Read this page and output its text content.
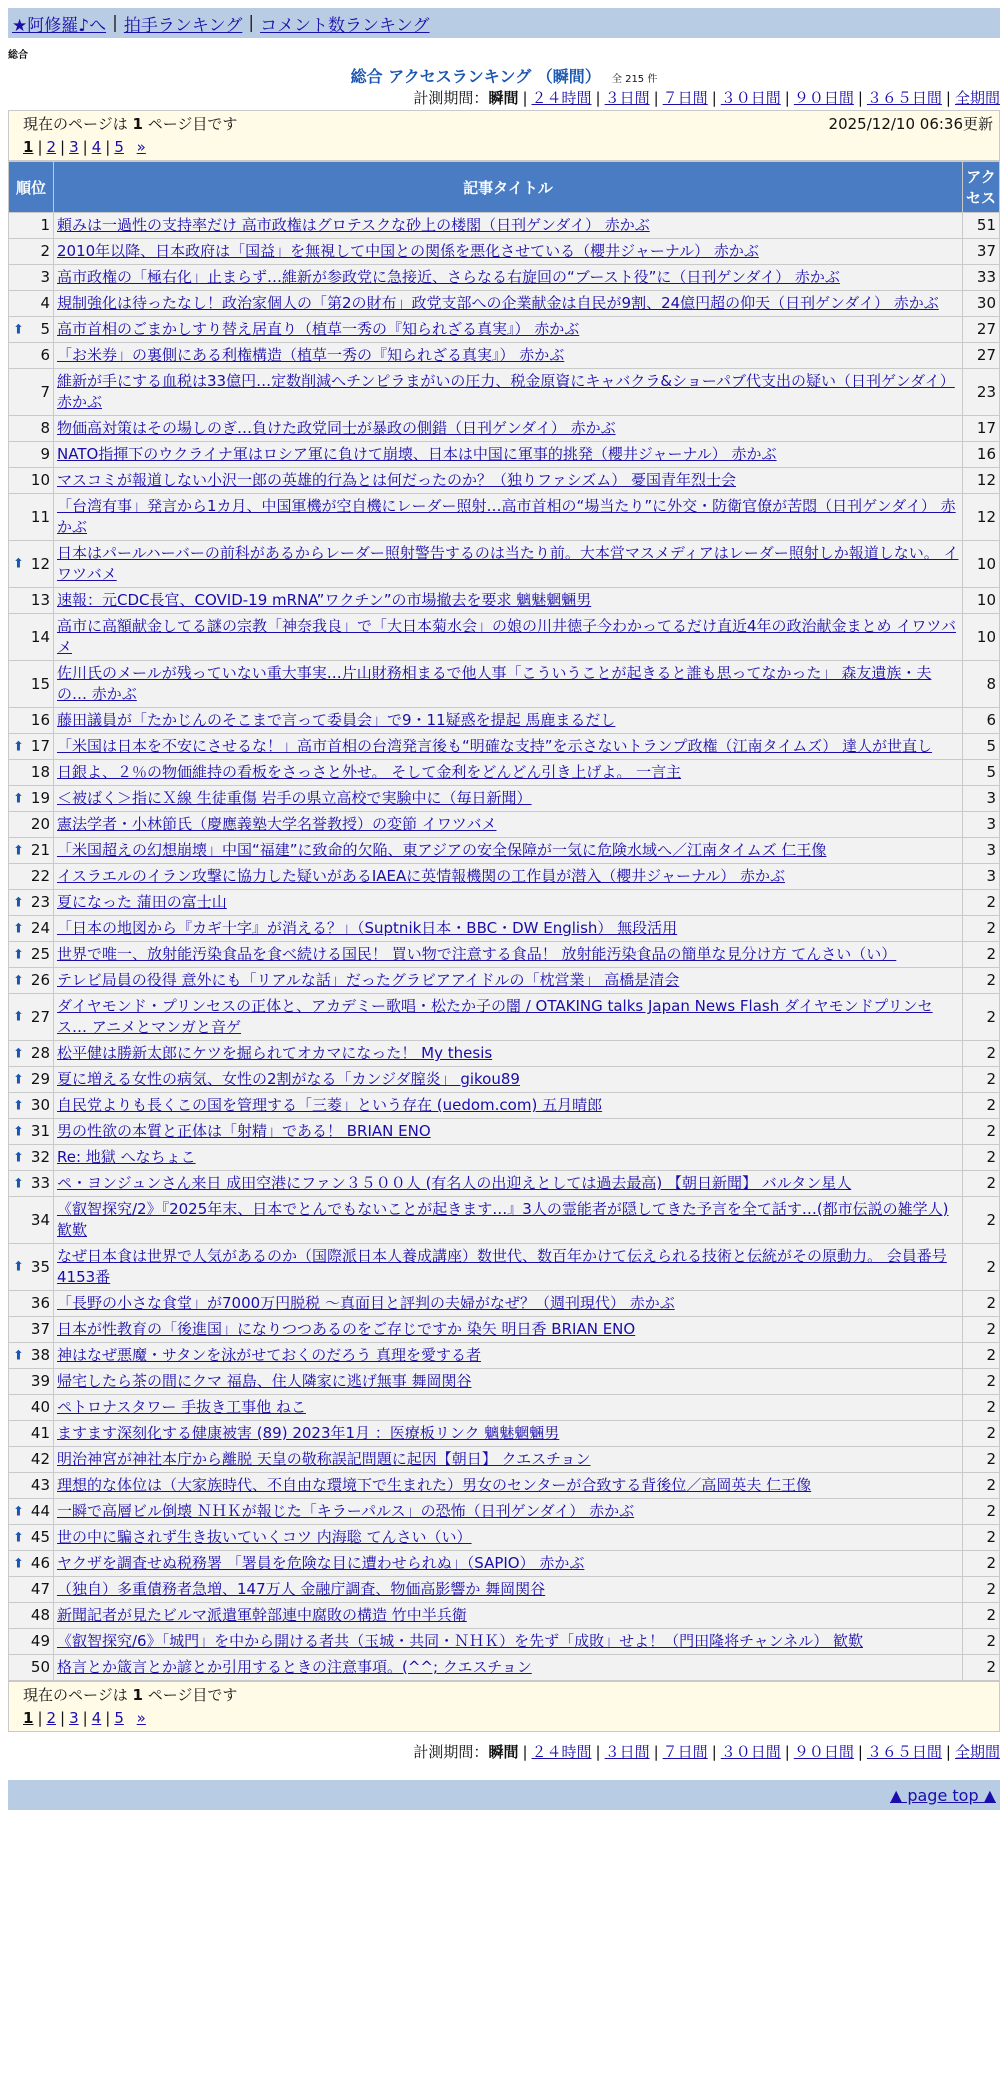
★阿修羅♪へ | 拍手ランキング | コメント数ランキング
総合
総合 アクセスランキング （瞬間） 全 215 件
計測期間：瞬間 | ２４時間 | ３日間 | ７日間 | ３０日間 | ９０日間 | ３６５日間 | 全期間
現在のページは 1 ページ目です	2025/12/10 06:36更新
1 | 2 | 3 | 4 | 5 »
順位	記事タイトル	アクセス
1	頼みは一過性の支持率だけ 高市政権はグロテスクな砂上の楼閣（日刊ゲンダイ） 赤かぶ	51
2	2010年以降、日本政府は「国益」を無視して中国との関係を悪化させている（櫻井ジャーナル） 赤かぶ	37
3	高市政権の「極右化」止まらず…維新が参政党に急接近、さらなる右旋回の“ブースト役”に（日刊ゲンダイ） 赤かぶ	33
4	規制強化は待ったなし！政治家個人の「第2の財布」政党支部への企業献金は自民が9割、24億円超の仰天（日刊ゲンダイ） 赤かぶ	30

⬆ 5	高市首相のごまかしすり替え居直り（植草一秀の『知られざる真実』） 赤かぶ	27
6	「お米券」の裏側にある利権構造（植草一秀の『知られざる真実』） 赤かぶ	27
7	維新が手にする血税は33億円…定数削減へチンピラまがいの圧力、税金原資にキャバクラ&ショーパブ代支出の疑い（日刊ゲンダイ） 赤かぶ	23
8	物価高対策はその場しのぎ…負けた政党同士が暴政の側錯（日刊ゲンダイ） 赤かぶ	17
9	NATO指揮下のウクライナ軍はロシア軍に負けて崩壊、日本は中国に軍事的挑発（櫻井ジャーナル） 赤かぶ	16
10	マスコミが報道しない小沢一郎の英雄的行為とは何だったのか？（独りファシズム） 憂国青年烈士会	12
11	「台湾有事」発言から1カ月、中国軍機が空自機にレーダー照射…高市首相の“場当たり”に外交・防衛官僚が苦悶（日刊ゲンダイ） 赤かぶ	12

⬆ 12	日本はパールハーバーの前科があるからレーダー照射警告するのは当たり前。大本営マスメディアはレーダー照射しか報道しない。 イワツバメ	10
13	速報：元CDC長官、COVID-19 mRNA”ワクチン”の市場撤去を要求 魑魅魍魎男	10
14	高市に高額献金してる謎の宗教「神奈我良」で「大日本菊水会」の娘の川井徳子今わかってるだけ直近4年の政治献金まとめ イワツバメ	10
15	佐川氏のメールが残っていない重大事実…片山財務相まるで他人事「こういうことが起きると誰も思ってなかった」 森友遺族・夫の… 赤かぶ	8
16	藤田議員が「たかじんのそこまで言って委員会」で9・11疑惑を提起 馬鹿まるだし	6

⬆ 17	「米国は日本を不安にさせるな！」高市首相の台湾発言後も“明確な支持”を示さないトランプ政権（江南タイムズ） 達人が世直し	5
18	日銀よ、２％の物価維持の看板をさっさと外せ。 そして金利をどんどん引き上げよ。 一言主	5

⬆ 19	＜被ばく＞指にＸ線 生徒重傷 岩手の県立高校で実験中に（毎日新聞）	3
20	憲法学者・小林節氏（慶應義塾大学名誉教授）の変節 イワツバメ	3

⬆ 21	「米国超えの幻想崩壊」中国“福建”に致命的欠陥、東アジアの安全保障が一気に危険水域へ／江南タイムズ 仁王像	3
22	イスラエルのイラン攻撃に協力した疑いがあるIAEAに英情報機関の工作員が潜入（櫻井ジャーナル） 赤かぶ	3

⬆ 23	夏になった 蒲田の富士山	2

⬆ 24	「日本の地図から『カギ十字』が消える？」（Suptnik日本・BBC・DW English） 無段活用	2

⬆ 25	世界で唯一、放射能汚染食品を食べ続ける国民！ 買い物で注意する食品！ 放射能汚染食品の簡単な見分け方 てんさい（い）	2

⬆ 26	テレビ局員の役得 意外にも「リアルな話」だったグラビアアイドルの「枕営業」 高橋是清会	2

⬆ 27	ダイヤモンド・プリンセスの正体と、アカデミー歌唱・松たか子の闇 / OTAKING talks Japan News Flash ダイヤモンドプリンセス… アニメとマンガと音ゲ	2

⬆ 28	松平健は勝新太郎にケツを掘られてオカマになった！ My thesis	2

⬆ 29	夏に増える女性の病気、女性の2割がなる「カンジダ膣炎」 gikou89	2

⬆ 30	自民党よりも長くこの国を管理する「三菱」という存在 (uedom.com) 五月晴郎	2

⬆ 31	男の性欲の本質と正体は「射精」である！ BRIAN ENO	2

⬆ 32	Re: 地獄 へなちょこ	2

⬆ 33	ペ・ヨンジュンさん来日 成田空港にファン３５００人 (有名人の出迎えとしては過去最高) 【朝日新聞】 バルタン星人	2
34	《叡智探究/2》『2025年末、日本でとんでもないことが起きます…』3人の霊能者が隠してきた予言を全て話す…(都市伝説の雑学人) 歓歎	2

⬆ 35	なぜ日本食は世界で人気があるのか（国際派日本人養成講座）数世代、数百年かけて伝えられる技術と伝統がその原動力。 会員番号4153番	2
36	「長野の小さな食堂」が7000万円脱税 ～真面目と評判の夫婦がなぜ？（週刊現代） 赤かぶ	2
37	日本が性教育の「後進国」になりつつあるのをご存じですか 染矢 明日香 BRIAN ENO	2

⬆ 38	神はなぜ悪魔・サタンを泳がせておくのだろう 真理を愛する者	2
39	帰宅したら茶の間にクマ 福島、住人隣家に逃げ無事 舞岡関谷	2
40	ペトロナスタワー 手抜き工事他 ねこ	2
41	ますます深刻化する健康被害 (89) 2023年1月 ：医療板リンク 魑魅魍魎男	2
42	明治神宮が神社本庁から離脱 天皇の敬称誤記問題に起因【朝日】 クエスチョン	2
43	理想的な体位は（大家族時代、不自由な環境下で生まれた）男女のセンターが合致する背後位／高岡英夫 仁王像	2

⬆ 44	一瞬で高層ビル倒壊 ＮＨＫが報じた「キラーパルス」の恐怖（日刊ゲンダイ） 赤かぶ	2

⬆ 45	世の中に騙されず生き抜いていくコツ 内海聡 てんさい（い）	2

⬆ 46	ヤクザを調査せぬ税務署 「署員を危険な目に遭わせられぬ」（SAPIO） 赤かぶ	2
47	（独自）多重債務者急増、147万人 金融庁調査、物価高影響か 舞岡関谷	2
48	新聞記者が見たビルマ派遣軍幹部連中腐敗の構造 竹中半兵衛	2
49	《叡智探究/6》「城門」を中から開ける者共（玉城・共同・ＮＨＫ）を先ず「成敗」せよ！（門田隆将チャンネル） 歓歎	2
50	格言とか箴言とか諺とか引用するときの注意事項。(^^; クエスチョン	2
現在のページは 1 ページ目です
1 | 2 | 3 | 4 | 5 »
計測期間：瞬間 | ２４時間 | ３日間 | ７日間 | ３０日間 | ９０日間 | ３６５日間 | 全期間
▲ page top ▲
